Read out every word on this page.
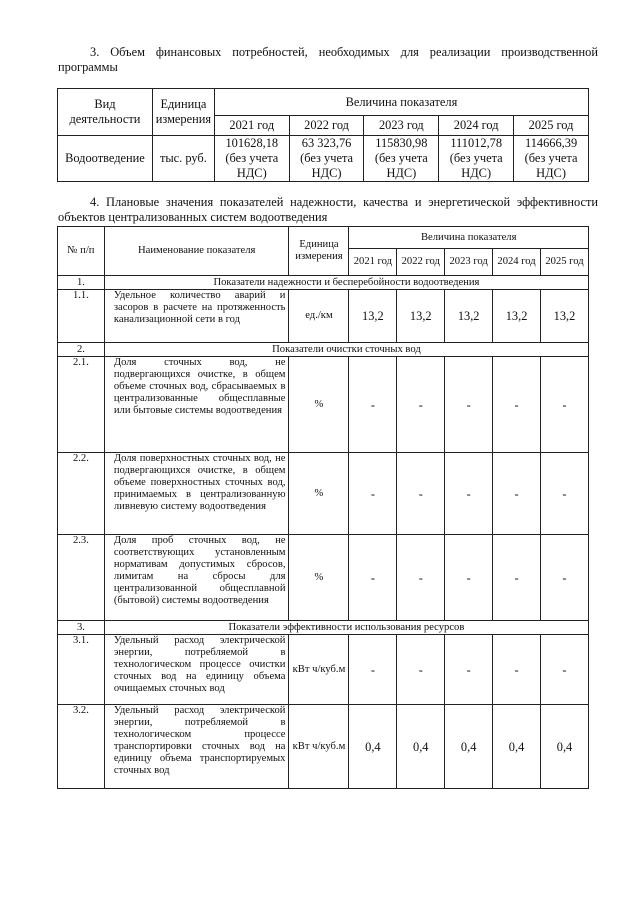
3. Объем финансовых потребностей, необходимых для реализации производственной программы
Вид деятельности	Единица измерения	Величина показателя				
		2021 год	2022 год	2023 год	2024 год	2025 год
Водоотведение	тыс. руб.	101628,18 (без учета НДС)	63 323,76 (без учета НДС)	115830,98 (без учета НДС)	111012,78 (без учета НДС)	114666,39 (без учета НДС)
4. Плановые значения показателей надежности, качества и энергетической эффективности объектов централизованных систем водоотведения
№ п/п	Наименование показателя	Единица измерения	Величина показателя				
			2021 год	2022 год	2023 год	2024 год	2025 год
1.	Показатели надежности и бесперебойности водоотведения						
1.1.	Удельное количество аварий и засоров в расчете на протяженность канализационной сети в год	ед./км	13,2	13,2	13,2	13,2	13,2
2.	Показатели очистки сточных вод						
2.1.	Доля сточных вод, не подвергающихся очистке, в общем объеме сточных вод, сбрасываемых в централизованные общесплавные или бытовые системы водоотведения	%	-	-	-	-	-
2.2.	Доля поверхностных сточных вод, не подвергающихся очистке, в общем объеме поверхностных сточных вод, принимаемых в централизованную ливневую систему водоотведения	%	-	-	-	-	-
2.3.	Доля проб сточных вод, не соответствующих установленным нормативам допустимых сбросов, лимитам на сбросы для централизованной общесплавной (бытовой) системы водоотведения	%	-	-	-	-	-
3.	Показатели эффективности использования ресурсов						
3.1.	Удельный расход электрической энергии, потребляемой в технологическом процессе очистки сточных вод на единицу объема очищаемых сточных вод	кВт ч/куб.м	-	-	-	-	-
3.2.	Удельный расход электрической энергии, потребляемой в технологическом процессе транспортировки сточных вод на единицу объема транспортируемых сточных вод	кВт ч/куб.м	0,4	0,4	0,4	0,4	0,4
